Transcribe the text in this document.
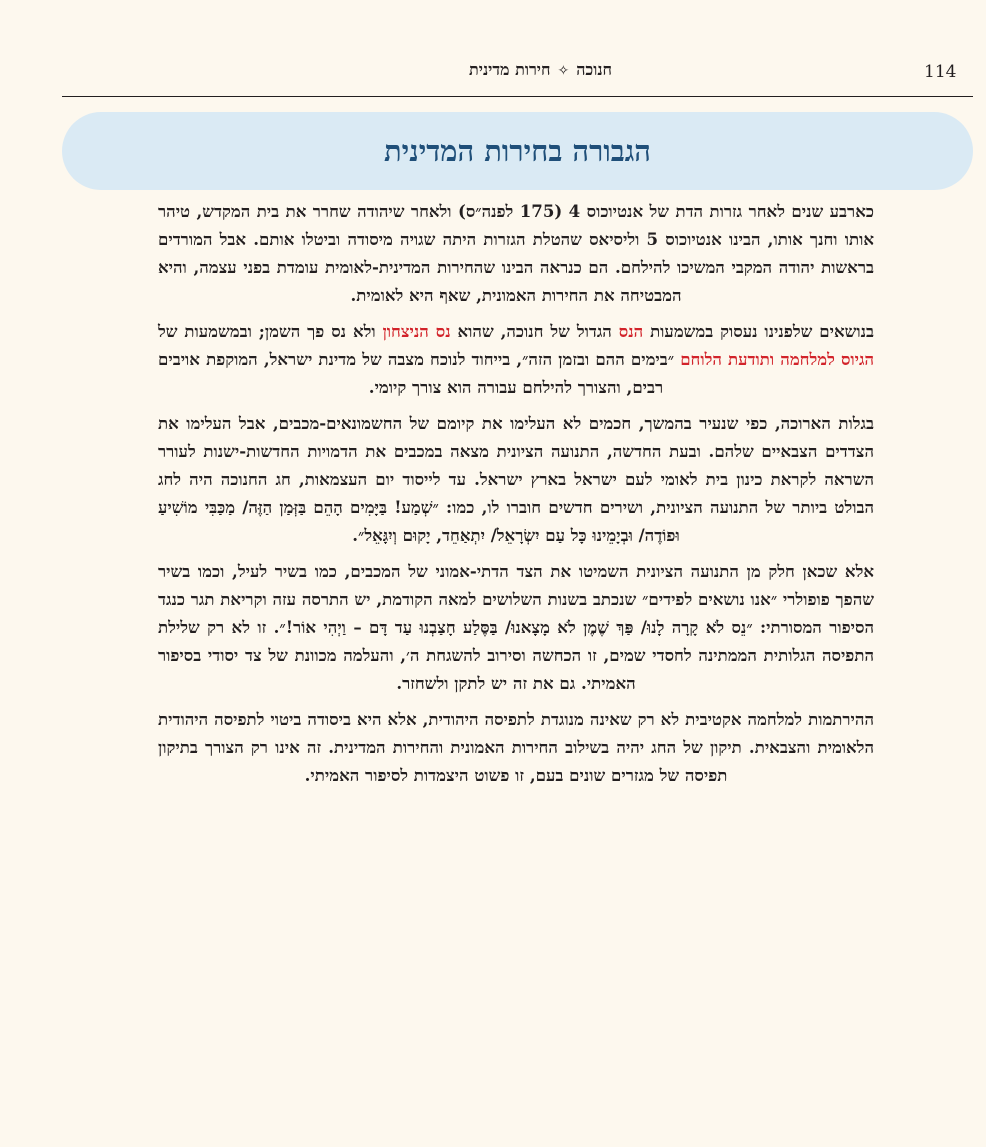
114
חנוכה✧חירות מדינית
הגבורה בחירות המדינית

כארבע שנים לאחר גזרות הדת של אנטיוכוס 4 (175 לפנה״ס) ולאחר שיהודה שחרר את בית המקדש, טיהר אותו וחנך אותו, הבינו אנטיוכוס 5 וליסיאס שהטלת הגזרות היתה שגויה מיסודה וביטלו אותם. אבל המורדים בראשות יהודה המקבי המשיכו להילחם. הם כנראה הבינו שהחירות המדינית-לאומית עומדת בפני עצמה, והיא המבטיחה את החירות האמונית, שאף היא לאומית.

בנושאים שלפנינו נעסוק במשמעות הנס הגדול של חנוכה, שהוא נס הניצחון ולא נס פך השמן; ובמשמעות של הגיוס למלחמה ותודעת הלוחם ״בימים ההם ובזמן הזה״, בייחוד לנוכח מצבה של מדינת ישראל, המוקפת אויבים רבים, והצורך להילחם עבורה הוא צורך קיומי.

בגלות הארוכה, כפי שנעיר בהמשך, חכמים לא העלימו את קיומם של החשמונאים-מכבים, אבל העלימו את הצדדים הצבאיים שלהם. ובעת החדשה, התנועה הציונית מצאה במכבים את הדמויות החדשות-ישנות לעורר השראה לקראת כינון בית לאומי לעם ישראל בארץ ישראל. עד לייסוד יום העצמאות, חג החנוכה היה לחג הבולט ביותר של התנועה הציונית, ושירים חדשים חוברו לו, כמו: ״שְׁמַע! בַּיָּמִים הָהֵם בַּזְּמַן הַזֶּה/ מַכַּבִּי מוֹשִׁיעַ וּפוֹדֶה/ וּבְיָמֵינוּ כָּל עַם יִשְׂרָאֵל/ יִתְאַחֵד, יָקוּם וְיִגָּאֵל״.

אלא שכאן חלק מן התנועה הציונית השמיטו את הצד הדתי-אמוני של המכבים, כמו בשיר לעיל, וכמו בשיר שהפך פופולרי ״אנו נושאים לפידים״ שנכתב בשנות השלושים למאה הקודמת, יש התרסה עזה וקריאת תגר כנגד הסיפור המסורתי: ״נֵס לֹא קָרָה לָנוּ/ פַּךְ שֶׁמֶן לֹא מָצָאנוּ/ בַּסֶּלַע חָצַבְנוּ עַד דָּם – וַיְהִי אוֹר!״. זו לא רק שלילת התפיסה הגלותית הממתינה לחסדי שמים, זו הכחשה וסירוב להשגחת ה׳, והעלמה מכוונת של צד יסודי בסיפור האמיתי. גם את זה יש לתקן ולשחזר.

ההירתמות למלחמה אקטיבית לא רק שאינה מנוגדת לתפיסה היהודית, אלא היא ביסודה ביטוי לתפיסה היהודית הלאומית והצבאית. תיקון של החג יהיה בשילוב החירות האמונית והחירות המדינית. זה אינו רק הצורך בתיקון תפיסה של מגזרים שונים בעם, זו פשוט היצמדות לסיפור האמיתי.
